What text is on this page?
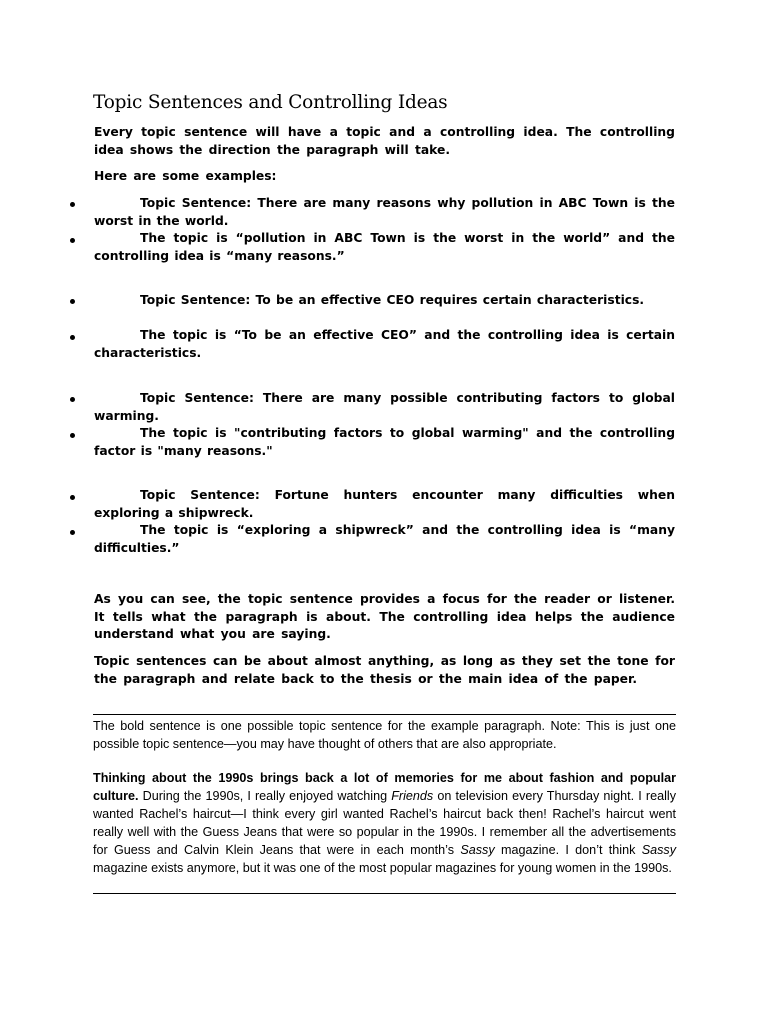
Topic Sentences and Controlling Ideas
Every topic sentence will have a topic and a controlling idea. The controlling idea shows the direction the paragraph will take.
Here are some examples:
Topic Sentence: There are many reasons why pollution in ABC Town is the worst in the world.
The topic is “pollution in ABC Town is the worst in the world” and the controlling idea is “many reasons.”
Topic Sentence: To be an effective CEO requires certain characteristics.
The topic is “To be an effective CEO” and the controlling idea is certain characteristics.
Topic Sentence: There are many possible contributing factors to global warming.
The topic is "contributing factors to global warming" and the controlling factor is "many reasons."
Topic Sentence: Fortune hunters encounter many difficulties when exploring a shipwreck.
The topic is “exploring a shipwreck” and the controlling idea is “many difficulties.”
As you can see, the topic sentence provides a focus for the reader or listener. It tells what the paragraph is about. The controlling idea helps the audience understand what you are saying.
Topic sentences can be about almost anything, as long as they set the tone for the paragraph and relate back to the thesis or the main idea of the paper.
The bold sentence is one possible topic sentence for the example paragraph. Note: This is just one possible topic sentence—you may have thought of others that are also appropriate.
Thinking about the 1990s brings back a lot of memories for me about fashion and popular culture. During the 1990s, I really enjoyed watching Friends on television every Thursday night. I really wanted Rachel’s haircut—I think every girl wanted Rachel’s haircut back then! Rachel’s haircut went really well with the Guess Jeans that were so popular in the 1990s. I remember all the advertisements for Guess and Calvin Klein Jeans that were in each month’s Sassy magazine. I don’t think Sassy magazine exists anymore, but it was one of the most popular magazines for young women in the 1990s.
